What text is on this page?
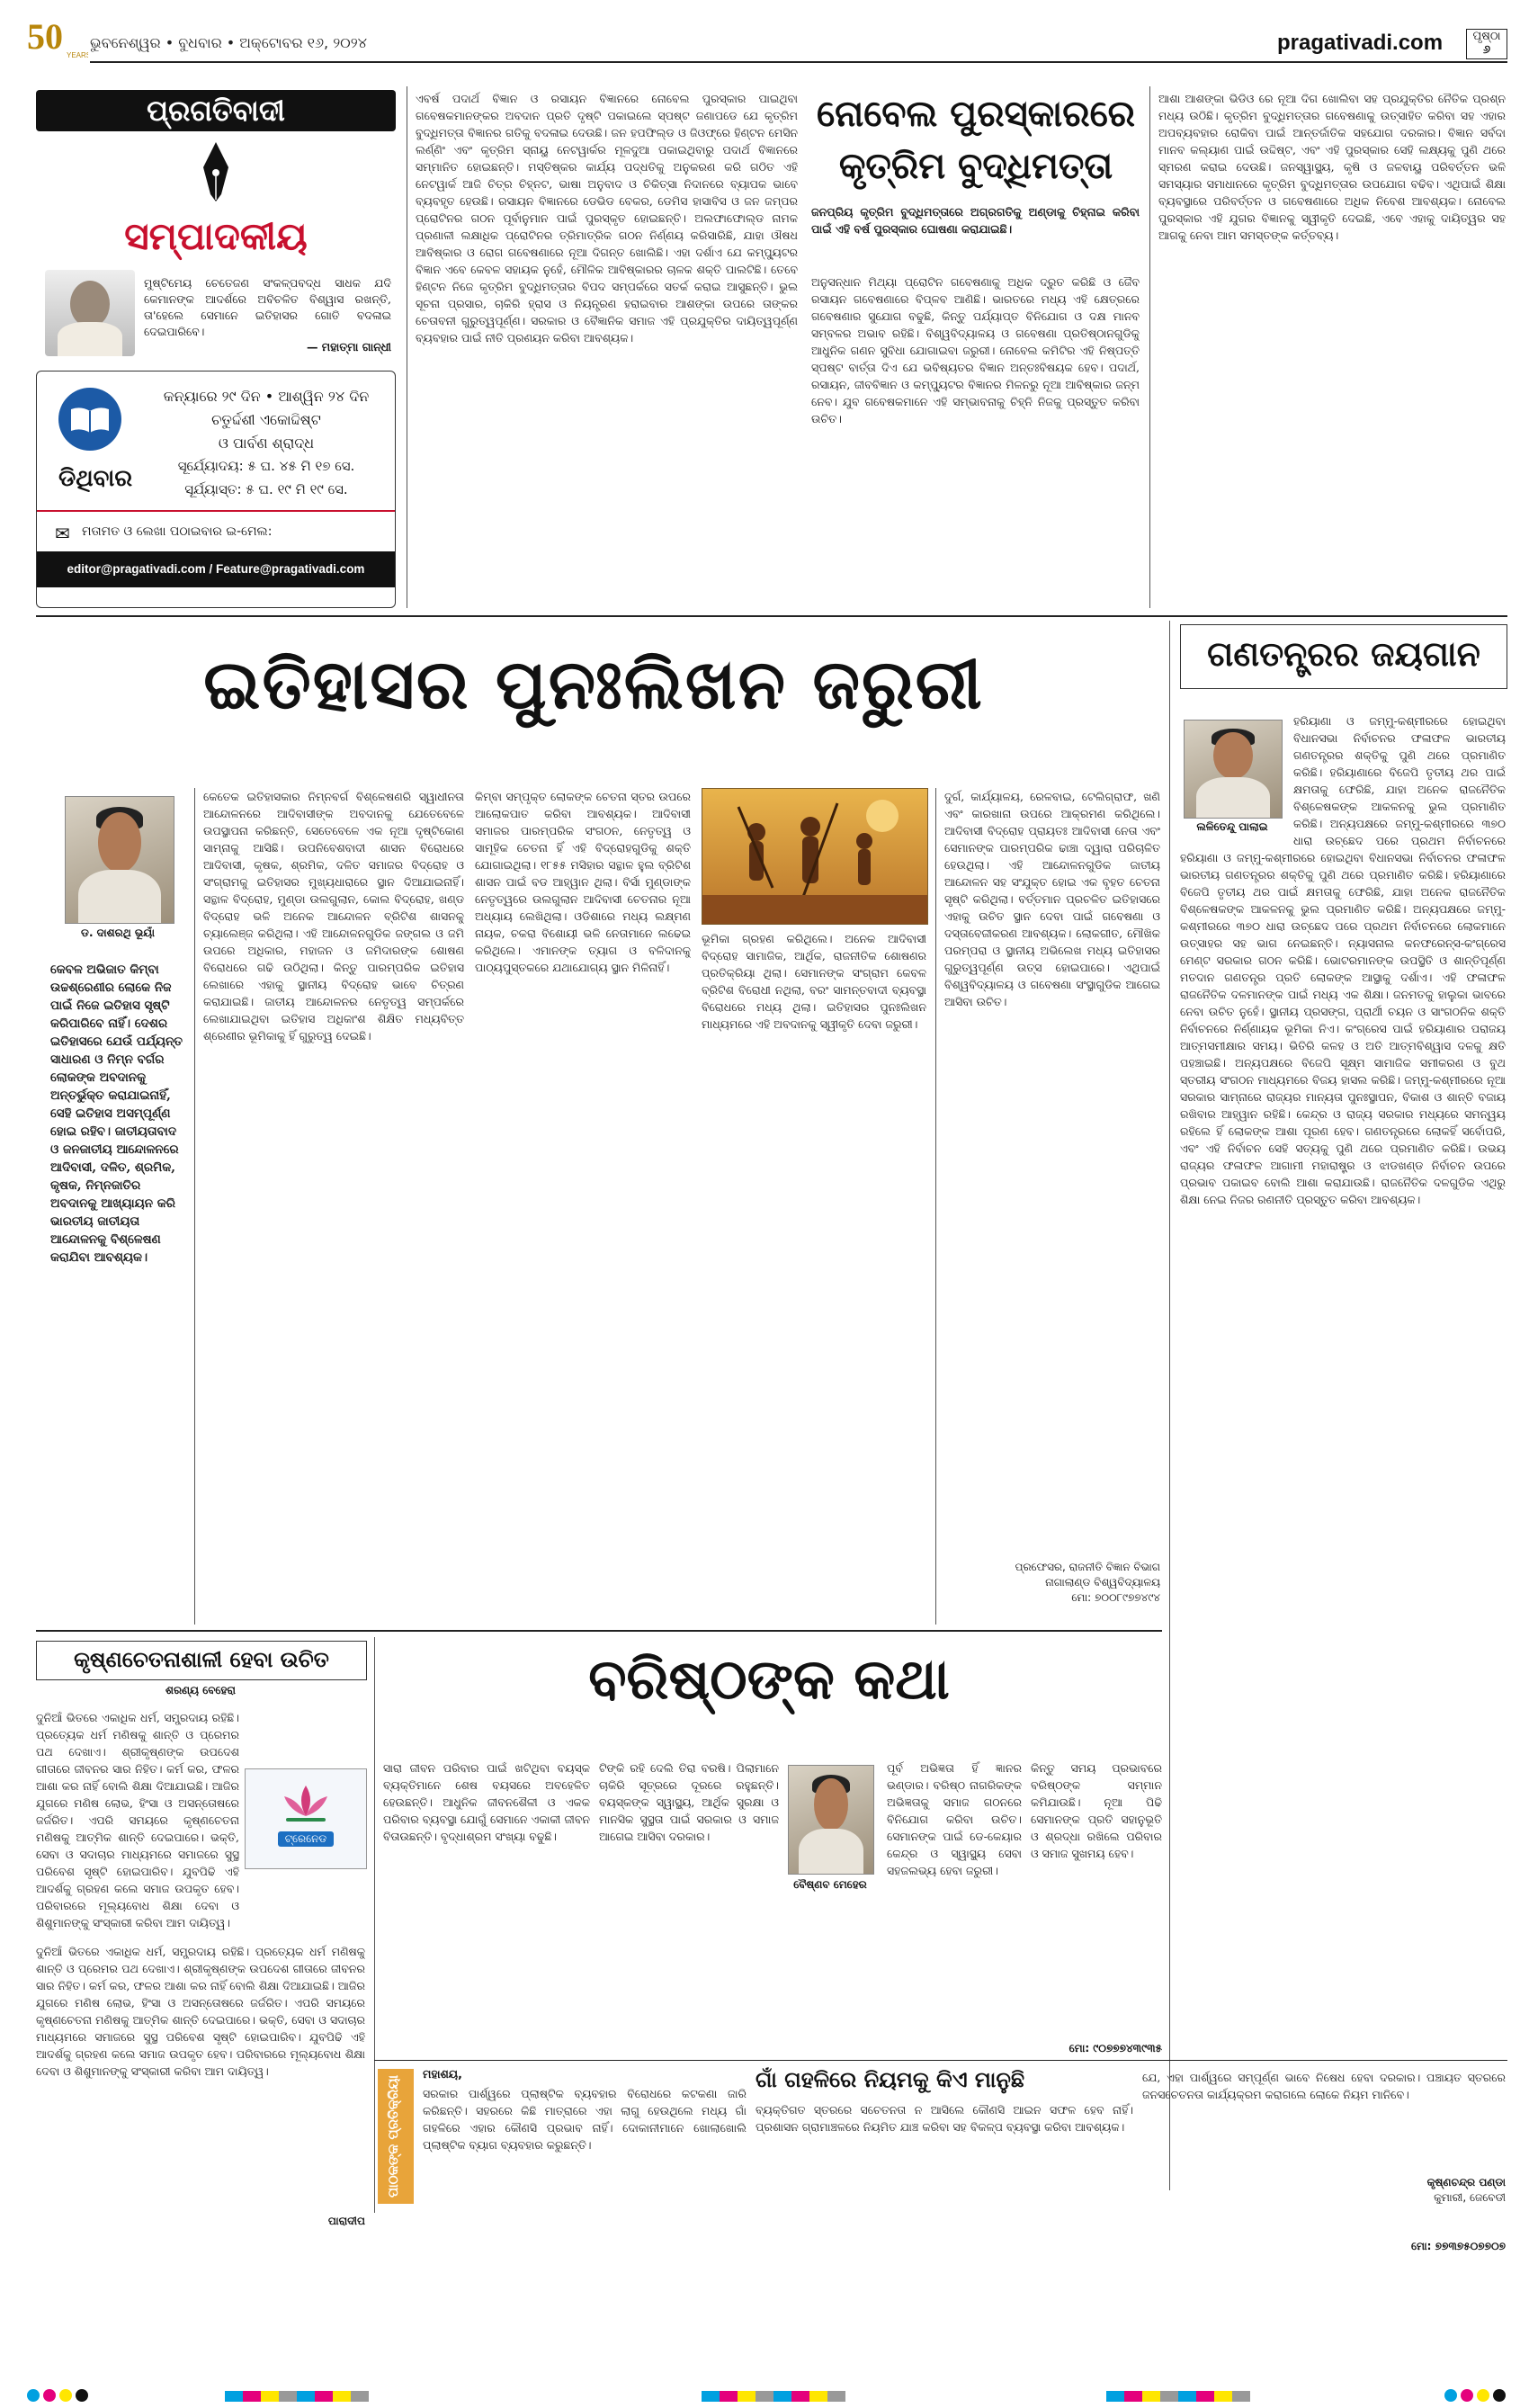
50 YEAR
ଭୁବନେଶ୍ୱର • ବୁଧବାର • ଅକ୍ଟୋବର ୧୬, ୨୦୨୪	pragativadi.com	ପୃଷ୍ଠା
୬
ପ୍ରଗତିବାଦୀ
ସମ୍ପାଦକୀୟ
ମୁଷ୍ଟିମେୟ ଚେତେଜଣ ସଂକଳ୍ପବଦ୍ଧ ସାଧକ ଯଦି କେମାନଙ୍କ ଆଦର୍ଶରେ ଅବିଚଳିତ ବିଶ୍ୱାସ ରଖନ୍ତି, ତା'ହେଲେ ସେମାନେ ଇତିହାସର ଗୋତି ବଦଳାଇ ଦେଇପାରିବେ।
— ମହାତ୍ମା ଗାନ୍ଧୀ
ଡିଥିବାର
କନ୍ୟାରେ ୨୯ ଦିନ • ଆଶ୍ୱିନ ୨୪ ଦିନ
ଚତୁର୍ଦ୍ଦଶୀ ଏକୋଦ୍ଦିଷ୍ଟ
ଓ ପାର୍ବଣ ଶ୍ରାଦ୍ଧ
ସୂର୍ଯ୍ୟୋଦୟ: ୫ ଘ. ୪୫ ମି ୧୭ ସେ.
ସୂର୍ଯ୍ୟାସ୍ତ: ୫ ଘ. ୧୯ ମି ୧୯ ସେ.
✉ ମତାମତ ଓ ଲେଖା ପଠାଇବାର ଇ-ମେଲ:
editor@pragativadi.com / Feature@pragativadi.com
ଏବର୍ଷ ପଦାର୍ଥ ବିଜ୍ଞାନ ଓ ରସାୟନ ବିଜ୍ଞାନରେ ନୋବେଲ ପୁରସ୍କାର ପାଇଥିବା ଗବେଷକମାନଙ୍କର ଅବଦାନ ପ୍ରତି ଦୃଷ୍ଟି ପକାଇଲେ ସ୍ପଷ୍ଟ ଜଣାପଡେ ଯେ କୃତ୍ରିମ ବୁଦ୍ଧିମତ୍ତା ବିଜ୍ଞାନର ଗତିକୁ ବଦଳାଇ ଦେଉଛି। ଜନ ହପଫିଲ୍ଡ ଓ ଜିଓଫ୍ରେ ହିଣ୍ଟନ ମେସିନ ଲର୍ଣ୍ଣିଂ ଏବଂ କୃତ୍ରିମ ସ୍ନାୟୁ ନେଟୱାର୍କର ମୂଳଦୁଆ ପକାଇଥିବାରୁ ପଦାର୍ଥ ବିଜ୍ଞାନରେ ସମ୍ମାନିତ ହୋଇଛନ୍ତି। ମସ୍ତିଷ୍କର କାର୍ଯ୍ୟ ପଦ୍ଧତିକୁ ଅନୁକରଣ କରି ଗଠିତ ଏହି ନେଟୱାର୍କ ଆଜି ଚିତ୍ର ଚିହ୍ନଟ, ଭାଷା ଅନୁବାଦ ଓ ଚିକିତ୍ସା ନିଦାନରେ ବ୍ୟାପକ ଭାବେ ବ୍ୟବହୃତ ହେଉଛି। ରସାୟନ ବିଜ୍ଞାନରେ ଡେଭିଡ ବେକର, ଡେମିସ ହାସାବିସ ଓ ଜନ ଜମ୍ପର ପ୍ରୋଟିନର ଗଠନ ପୂର୍ବାନୁମାନ ପାଇଁ ପୁରସ୍କୃତ ହୋଇଛନ୍ତି। ଅଲଫାଫୋଲ୍ଡ ନାମକ ପ୍ରଣାଳୀ ଲକ୍ଷାଧିକ ପ୍ରୋଟିନର ତ୍ରିମାତ୍ରିକ ଗଠନ ନିର୍ଣ୍ଣୟ କରିସାରିଛି, ଯାହା ଔଷଧ ଆବିଷ୍କାର ଓ ରୋଗ ଗବେଷଣାରେ ନୂଆ ଦିଗନ୍ତ ଖୋଲିଛି। ଏହା ଦର୍ଶାଏ ଯେ କମ୍ପ୍ୟୁଟର ବିଜ୍ଞାନ ଏବେ କେବଳ ସହାୟକ ନୁହେଁ, ମୌଳିକ ଆବିଷ୍କାରର ଚାଳକ ଶକ୍ତି ପାଲଟିଛି। ତେବେ ହିଣ୍ଟନ ନିଜେ କୃତ୍ରିମ ବୁଦ୍ଧିମତ୍ତାର ବିପଦ ସମ୍ପର୍କରେ ସତର୍କ କରାଇ ଆସୁଛନ୍ତି। ଭୁଲ ସୂଚନା ପ୍ରସାର, ଚାକିରି ହ୍ରାସ ଓ ନିୟନ୍ତ୍ରଣ ହରାଇବାର ଆଶଙ୍କା ଉପରେ ତାଙ୍କର ଚେତାବନୀ ଗୁରୁତ୍ୱପୂର୍ଣ୍ଣ। ସରକାର ଓ ବୈଜ୍ଞାନିକ ସମାଜ ଏହି ପ୍ରଯୁକ୍ତିର ଦାୟିତ୍ୱପୂର୍ଣ୍ଣ ବ୍ୟବହାର ପାଇଁ ନୀତି ପ୍ରଣୟନ କରିବା ଆବଶ୍ୟକ।
ନୋବେଲ ପୁରସ୍କାରରେ
କୃତ୍ରିମ ବୁଦ୍ଧିମତ୍ତା
ଜନପ୍ରିୟ କୃତ୍ରିମ ବୁଦ୍ଧିମତ୍ତାରେ ଅଗ୍ରଗତିକୁ ଅଣ୍ଡାକୁ ଚିହ୍ନାଇ କରିବା ପାଇଁ ଏହି ବର୍ଷ ପୁରସ୍କାର ଘୋଷଣା କରାଯାଇଛି।
ଅନୁସନ୍ଧାନ ମିଥ୍ୟା ପ୍ରୋଟିନ ଗବେଷଣାକୁ ଅଧିକ ଦ୍ରୁତ କରିଛି ଓ ଜୈବ ରସାୟନ ଗବେଷଣାରେ ବିପ୍ଳବ ଆଣିଛି। ଭାରତରେ ମଧ୍ୟ ଏହି କ୍ଷେତ୍ରରେ ଗବେଷଣାର ସୁଯୋଗ ବଢୁଛି, କିନ୍ତୁ ପର୍ଯ୍ୟାପ୍ତ ବିନିଯୋଗ ଓ ଦକ୍ଷ ମାନବ ସମ୍ବଳର ଅଭାବ ରହିଛି। ବିଶ୍ୱବିଦ୍ୟାଳୟ ଓ ଗବେଷଣା ପ୍ରତିଷ୍ଠାନଗୁଡିକୁ ଆଧୁନିକ ଗଣନ ସୁବିଧା ଯୋଗାଇବା ଜରୁରୀ। ନୋବେଲ କମିଟିର ଏହି ନିଷ୍ପତ୍ତି ସ୍ପଷ୍ଟ ବାର୍ତ୍ତା ଦିଏ ଯେ ଭବିଷ୍ୟତର ବିଜ୍ଞାନ ଅନ୍ତଃବିଷୟକ ହେବ। ପଦାର୍ଥ, ରସାୟନ, ଜୀବବିଜ୍ଞାନ ଓ କମ୍ପ୍ୟୁଟର ବିଜ୍ଞାନର ମିଳନରୁ ନୂଆ ଆବିଷ୍କାର ଜନ୍ମ ନେବ। ଯୁବ ଗବେଷକମାନେ ଏହି ସମ୍ଭାବନାକୁ ଚିହ୍ନି ନିଜକୁ ପ୍ରସ୍ତୁତ କରିବା ଉଚିତ।
ଆଶା ଆଶଙ୍କା ଭିଡିଓ ରେ ନୂଆ ଦିଗ ଖୋଲିବା ସହ ପ୍ରଯୁକ୍ତିର ନୈତିକ ପ୍ରଶ୍ନ ମଧ୍ୟ ଉଠିଛି। କୃତ୍ରିମ ବୁଦ୍ଧିମତ୍ତାର ଗବେଷଣାକୁ ଉତ୍ସାହିତ କରିବା ସହ ଏହାର ଅପବ୍ୟବହାର ରୋକିବା ପାଇଁ ଆନ୍ତର୍ଜାତିକ ସହଯୋଗ ଦରକାର। ବିଜ୍ଞାନ ସର୍ବଦା ମାନବ କଲ୍ୟାଣ ପାଇଁ ଉଦ୍ଦିଷ୍ଟ, ଏବଂ ଏହି ପୁରସ୍କାର ସେହି ଲକ୍ଷ୍ୟକୁ ପୁଣି ଥରେ ସ୍ମରଣ କରାଇ ଦେଉଛି। ଜନସ୍ୱାସ୍ଥ୍ୟ, କୃଷି ଓ ଜଳବାୟୁ ପରିବର୍ତ୍ତନ ଭଳି ସମସ୍ୟାର ସମାଧାନରେ କୃତ୍ରିମ ବୁଦ୍ଧିମତ୍ତାର ଉପଯୋଗ ବଢିବ। ଏଥିପାଇଁ ଶିକ୍ଷା ବ୍ୟବସ୍ଥାରେ ପରିବର୍ତ୍ତନ ଓ ଗବେଷଣାରେ ଅଧିକ ନିବେଶ ଆବଶ୍ୟକ। ନୋବେଲ ପୁରସ୍କାର ଏହି ଯୁଗର ବିଜ୍ଞାନକୁ ସ୍ୱୀକୃତି ଦେଇଛି, ଏବେ ଏହାକୁ ଦାୟିତ୍ୱର ସହ ଆଗକୁ ନେବା ଆମ ସମସ୍ତଙ୍କ କର୍ତ୍ତବ୍ୟ।
ଇତିହାସର ପୁନଃଲିଖନ ଜରୁରୀ
ଡ. ଦାଶରଥି ଭୂୟାଁ
କେବଳ ଅଭିଜାତ କିମ୍ବା ଉଚ୍ଚଶ୍ରେଣୀର ଲୋକେ ନିଜ ପାଇଁ ନିଜେ ଇତିହାସ ସୃଷ୍ଟି କରିପାରିବେ ନାହିଁ। ଦେଶର ଇତିହାସରେ ଯେଉଁ ପର୍ଯ୍ୟନ୍ତ ସାଧାରଣ ଓ ନିମ୍ନ ବର୍ଗର ଲୋକଙ୍କ ଅବଦାନକୁ ଅନ୍ତର୍ଭୁକ୍ତ କରାଯାଇନାହିଁ, ସେହି ଇତିହାସ ଅସମ୍ପୂର୍ଣ୍ଣ ହୋଇ ରହିବ। ଜାତୀୟତାବାଦ ଓ ଜନଜାତୀୟ ଆନ୍ଦୋଳନରେ ଆଦିବାସୀ, ଦଳିତ, ଶ୍ରମିକ, କୃଷକ, ନିମ୍ନଜାତିର ଅବଦାନକୁ ଆଖ୍ୟାୟନ କରି ଭାରତୀୟ ଜାତୀୟତା ଆନ୍ଦୋଳନକୁ ବିଶ୍ଳେଷଣ କରାଯିବା ଆବଶ୍ୟକ।
କେତେକ ଇତିହାସକାର ନିମ୍ନବର୍ଗ ବିଶ୍ଳେଷଣରି ସ୍ୱାଧୀନତା ଆନ୍ଦୋଳନରେ ଆଦିବାସୀଙ୍କ ଅବଦାନକୁ ଯେତେବେଳେ ଉପସ୍ଥାପନା କରିଛନ୍ତି, ସେତେବେଳେ ଏକ ନୂଆ ଦୃଷ୍ଟିକୋଣ ସାମ୍ନାକୁ ଆସିଛି। ଉପନିବେଶବାଦୀ ଶାସନ ବିରୋଧରେ ଆଦିବାସୀ, କୃଷକ, ଶ୍ରମିକ, ଦଳିତ ସମାଜର ବିଦ୍ରୋହ ଓ ସଂଗ୍ରାମକୁ ଇତିହାସର ମୁଖ୍ୟଧାରାରେ ସ୍ଥାନ ଦିଆଯାଇନାହିଁ। ସନ୍ଥାଳ ବିଦ୍ରୋହ, ମୁଣ୍ଡା ଉଲଗୁଲାନ, କୋଲ ବିଦ୍ରୋହ, ଖଣ୍ଡ ବିଦ୍ରୋହ ଭଳି ଅନେକ ଆନ୍ଦୋଳନ ବ୍ରିଟିଶ ଶାସନକୁ ଚ୍ୟାଲେଞ୍ଜ କରିଥିଲା। ଏହି ଆନ୍ଦୋଳନଗୁଡିକ ଜଙ୍ଗଲ ଓ ଜମି ଉପରେ ଅଧିକାର, ମହାଜନ ଓ ଜମିଦାରଙ୍କ ଶୋଷଣ ବିରୋଧରେ ଗଢି ଉଠିଥିଲା। କିନ୍ତୁ ପାରମ୍ପରିକ ଇତିହାସ ଲେଖାରେ ଏହାକୁ ସ୍ଥାନୀୟ ବିଦ୍ରୋହ ଭାବେ ଚିତ୍ରଣ କରାଯାଇଛି। ଜାତୀୟ ଆନ୍ଦୋଳନର ନେତୃତ୍ୱ ସମ୍ପର୍କରେ ଲେଖାଯାଇଥିବା ଇତିହାସ ଅଧିକାଂଶ ଶିକ୍ଷିତ ମଧ୍ୟବିତ୍ତ ଶ୍ରେଣୀର ଭୂମିକାକୁ ହିଁ ଗୁରୁତ୍ୱ ଦେଇଛି।
କିମ୍ବା ସମ୍ପୃକ୍ତ ଲୋକଙ୍କ ଚେତନା ସ୍ତର ଉପରେ ଆଲୋକପାତ କରିବା ଆବଶ୍ୟକ। ଆଦିବାସୀ ସମାଜର ପାରମ୍ପରିକ ସଂଗଠନ, ନେତୃତ୍ୱ ଓ ସାମୂହିକ ଚେତନା ହିଁ ଏହି ବିଦ୍ରୋହଗୁଡିକୁ ଶକ୍ତି ଯୋଗାଇଥିଲା। ୧୮୫୫ ମସିହାର ସନ୍ଥାଳ ହୁଲ ବ୍ରିଟିଶ ଶାସନ ପାଇଁ ବଡ ଆହ୍ୱାନ ଥିଲା। ବିର୍ସା ମୁଣ୍ଡାଙ୍କ ନେତୃତ୍ୱରେ ଉଲଗୁଲାନ ଆଦିବାସୀ ଚେତନାର ନୂଆ ଅଧ୍ୟାୟ ଲେଖିଥିଲା। ଓଡିଶାରେ ମଧ୍ୟ ଲକ୍ଷ୍ମଣ ନାୟକ, ଚକରା ବିଶୋୟୀ ଭଳି ନେତାମାନେ ଲଢେଇ କରିଥିଲେ। ଏମାନଙ୍କ ତ୍ୟାଗ ଓ ବଳିଦାନକୁ ପାଠ୍ୟପୁସ୍ତକରେ ଯଥାଯୋଗ୍ୟ ସ୍ଥାନ ମିଳିନାହିଁ।
ଭୂମିକା ଗ୍ରହଣ କରିଥିଲେ। ଅନେକ ଆଦିବାସୀ ବିଦ୍ରୋହ ସାମାଜିକ, ଆର୍ଥିକ, ରାଜନୀତିକ ଶୋଷଣର ପ୍ରତିକ୍ରିୟା ଥିଲା। ସେମାନଙ୍କ ସଂଗ୍ରାମ କେବଳ ବ୍ରିଟିଶ ବିରୋଧୀ ନଥିଲା, ବରଂ ସାମନ୍ତବାଦୀ ବ୍ୟବସ୍ଥା ବିରୋଧରେ ମଧ୍ୟ ଥିଲା। ଇତିହାସର ପୁନଃଲିଖନ ମାଧ୍ୟମରେ ଏହି ଅବଦାନକୁ ସ୍ୱୀକୃତି ଦେବା ଜରୁରୀ।
ଦୁର୍ଗ, କାର୍ଯ୍ୟାଳୟ, ରେଳବାଇ, ଟେଲିଗ୍ରାଫ, ଖଣି ଏବଂ କାରଖାନା ଉପରେ ଆକ୍ରମଣ କରିଥିଲେ। ଆଦିବାସୀ ବିଦ୍ରୋହ ପ୍ରାୟତଃ ଆଦିବାସୀ ନେତା ଏବଂ ସେମାନଙ୍କ ପାରମ୍ପରିକ ଢାଞ୍ଚା ଦ୍ୱାରା ପରିଚାଳିତ ହେଉଥିଲା। ଏହି ଆନ୍ଦୋଳନଗୁଡିକ ଜାତୀୟ ଆନ୍ଦୋଳନ ସହ ସଂଯୁକ୍ତ ହୋଇ ଏକ ବୃହତ ଚେତନା ସୃଷ୍ଟି କରିଥିଲା। ବର୍ତ୍ତମାନ ପ୍ରଚଳିତ ଇତିହାସରେ ଏହାକୁ ଉଚିତ ସ୍ଥାନ ଦେବା ପାଇଁ ଗବେଷଣା ଓ ଦସ୍ତାବେଜୀକରଣ ଆବଶ୍ୟକ। ଲୋକଗୀତ, ମୌଖିକ ପରମ୍ପରା ଓ ସ୍ଥାନୀୟ ଅଭିଲେଖ ମଧ୍ୟ ଇତିହାସର ଗୁରୁତ୍ୱପୂର୍ଣ୍ଣ ଉତ୍ସ ହୋଇପାରେ। ଏଥିପାଇଁ ବିଶ୍ୱବିଦ୍ୟାଳୟ ଓ ଗବେଷଣା ସଂସ୍ଥାଗୁଡିକ ଆଗେଇ ଆସିବା ଉଚିତ।
ପ୍ରଫେସର, ରାଜନୀତି ବିଜ୍ଞାନ ବିଭାଗ
ନାଗାଲାଣ୍ଡ ବିଶ୍ୱବିଦ୍ୟାଳୟ
ମୋ: ୭୦୦୮୯୭୭୪୯୪
ଗଣତନ୍ତ୍ରର ଜୟଗାନ
ଲଳିତେନ୍ଦୁ ପାଲାଇ
ହରିୟାଣା ଓ ଜମ୍ମୁ-କଶ୍ମୀରରେ ହୋଇଥିବା ବିଧାନସଭା ନିର୍ବାଚନର ଫଳାଫଳ ଭାରତୀୟ ଗଣତନ୍ତ୍ରର ଶକ୍ତିକୁ ପୁଣି ଥରେ ପ୍ରମାଣିତ କରିଛି। ହରିୟାଣାରେ ବିଜେପି ତୃତୀୟ ଥର ପାଇଁ କ୍ଷମତାକୁ ଫେରିଛି, ଯାହା ଅନେକ ରାଜନୈତିକ ବିଶ୍ଳେଷକଙ୍କ ଆକଳନକୁ ଭୁଲ ପ୍ରମାଣିତ କରିଛି। ଅନ୍ୟପକ୍ଷରେ ଜମ୍ମୁ-କଶ୍ମୀରରେ ୩୭୦ ଧାରା ଉଚ୍ଛେଦ ପରେ ପ୍ରଥମ ନିର୍ବାଚନରେ
ହରିୟାଣା ଓ ଜମ୍ମୁ-କଶ୍ମୀରରେ ହୋଇଥିବା ବିଧାନସଭା ନିର୍ବାଚନର ଫଳାଫଳ ଭାରତୀୟ ଗଣତନ୍ତ୍ରର ଶକ୍ତିକୁ ପୁଣି ଥରେ ପ୍ରମାଣିତ କରିଛି। ହରିୟାଣାରେ ବିଜେପି ତୃତୀୟ ଥର ପାଇଁ କ୍ଷମତାକୁ ଫେରିଛି, ଯାହା ଅନେକ ରାଜନୈତିକ ବିଶ୍ଳେଷକଙ୍କ ଆକଳନକୁ ଭୁଲ ପ୍ରମାଣିତ କରିଛି। ଅନ୍ୟପକ୍ଷରେ ଜମ୍ମୁ-କଶ୍ମୀରରେ ୩୭୦ ଧାରା ଉଚ୍ଛେଦ ପରେ ପ୍ରଥମ ନିର୍ବାଚନରେ ଲୋକମାନେ ଉତ୍ସାହର ସହ ଭାଗ ନେଇଛନ୍ତି। ନ୍ୟାସନାଲ କନଫରେନ୍ସ-କଂଗ୍ରେସ ମେଣ୍ଟ ସରକାର ଗଠନ କରିଛି। ଭୋଟରମାନଙ୍କ ଉପସ୍ଥିତି ଓ ଶାନ୍ତିପୂର୍ଣ୍ଣ ମତଦାନ ଗଣତନ୍ତ୍ର ପ୍ରତି ଲୋକଙ୍କ ଆସ୍ଥାକୁ ଦର୍ଶାଏ। ଏହି ଫଳାଫଳ ରାଜନୈତିକ ଦଳମାନଙ୍କ ପାଇଁ ମଧ୍ୟ ଏକ ଶିକ୍ଷା। ଜନମତକୁ ହାଲୁକା ଭାବରେ ନେବା ଉଚିତ ନୁହେଁ। ସ୍ଥାନୀୟ ପ୍ରସଙ୍ଗ, ପ୍ରାର୍ଥୀ ଚୟନ ଓ ସାଂଗଠନିକ ଶକ୍ତି ନିର୍ବାଚନରେ ନିର୍ଣ୍ଣାୟକ ଭୂମିକା ନିଏ। କଂଗ୍ରେସ ପାଇଁ ହରିୟାଣାର ପରାଜୟ ଆତ୍ମସମୀକ୍ଷାର ସମୟ। ଭିତିରି କଳହ ଓ ଅତି ଆତ୍ମବିଶ୍ୱାସ ଦଳକୁ କ୍ଷତି ପହଞ୍ଚାଇଛି। ଅନ୍ୟପକ୍ଷରେ ବିଜେପି ସୂକ୍ଷ୍ମ ସାମାଜିକ ସମୀକରଣ ଓ ବୁଥ ସ୍ତରୀୟ ସଂଗଠନ ମାଧ୍ୟମରେ ବିଜୟ ହାସଲ କରିଛି। ଜମ୍ମୁ-କଶ୍ମୀରରେ ନୂଆ ସରକାର ସାମ୍ନାରେ ରାଜ୍ୟର ମାନ୍ୟତା ପୁନଃସ୍ଥାପନ, ବିକାଶ ଓ ଶାନ୍ତି ବଜାୟ ରଖିବାର ଆହ୍ୱାନ ରହିଛି। କେନ୍ଦ୍ର ଓ ରାଜ୍ୟ ସରକାର ମଧ୍ୟରେ ସମନ୍ୱୟ ରହିଲେ ହିଁ ଲୋକଙ୍କ ଆଶା ପୂରଣ ହେବ। ଗଣତନ୍ତ୍ରରେ ଲୋକହିଁ ସର୍ବୋପରି, ଏବଂ ଏହି ନିର୍ବାଚନ ସେହି ସତ୍ୟକୁ ପୁଣି ଥରେ ପ୍ରମାଣିତ କରିଛି। ଉଭୟ ରାଜ୍ୟର ଫଳାଫଳ ଆଗାମୀ ମହାରାଷ୍ଟ୍ର ଓ ଝାଡଖଣ୍ଡ ନିର୍ବାଚନ ଉପରେ ପ୍ରଭାବ ପକାଇବ ବୋଲି ଆଶା କରାଯାଉଛି। ରାଜନୈତିକ ଦଳଗୁଡିକ ଏଥିରୁ ଶିକ୍ଷା ନେଇ ନିଜର ରଣନୀତି ପ୍ରସ୍ତୁତ କରିବା ଆବଶ୍ୟକ।
ମୋ: ୭୭୩୭୫୦୭୭୦୭
କୃଷ୍ଣଚେତନାଶାଳୀ ହେବା ଉଚିତ
ଶରଣ୍ୟ ବେହେରା
ଦୁନିଆଁ ଭିତରେ ଏକାଧିକ ଧର୍ମ, ସମ୍ପ୍ରଦାୟ ରହିଛି। ପ୍ରତ୍ୟେକ ଧର୍ମ ମଣିଷକୁ ଶାନ୍ତି ଓ ପ୍ରେମର ପଥ ଦେଖାଏ। ଶ୍ରୀକୃଷ୍ଣଙ୍କ ଉପଦେଶ ଗୀତାରେ ଜୀବନର ସାର ନିହିତ। କର୍ମ କର, ଫଳର ଆଶା କର ନାହିଁ ବୋଲି ଶିକ୍ଷା ଦିଆଯାଇଛି। ଆଜିର ଯୁଗରେ ମଣିଷ ଲୋଭ, ହିଂସା ଓ ଅସନ୍ତୋଷରେ ଜର୍ଜରିତ। ଏପରି ସମୟରେ କୃଷ୍ଣଚେତନା ମଣିଷକୁ ଆତ୍ମିକ ଶାନ୍ତି ଦେଇପାରେ। ଭକ୍ତି, ସେବା ଓ ସଦାଚାର ମାଧ୍ୟମରେ ସମାଜରେ ସୁସ୍ଥ ପରିବେଶ ସୃଷ୍ଟି ହୋଇପାରିବ। ଯୁବପିଢି ଏହି ଆଦର୍ଶକୁ ଗ୍ରହଣ କଲେ ସମାଜ ଉପକୃତ ହେବ। ପରିବାରରେ ମୂଲ୍ୟବୋଧ ଶିକ୍ଷା ଦେବା ଓ ଶିଶୁମାନଙ୍କୁ ସଂସ୍କାରୀ କରିବା ଆମ ଦାୟିତ୍ୱ।
ଟ୍ରେନେଡ
ଦୁନିଆଁ ଭିତରେ ଏକାଧିକ ଧର୍ମ, ସମ୍ପ୍ରଦାୟ ରହିଛି। ପ୍ରତ୍ୟେକ ଧର୍ମ ମଣିଷକୁ ଶାନ୍ତି ଓ ପ୍ରେମର ପଥ ଦେଖାଏ। ଶ୍ରୀକୃଷ୍ଣଙ୍କ ଉପଦେଶ ଗୀତାରେ ଜୀବନର ସାର ନିହିତ। କର୍ମ କର, ଫଳର ଆଶା କର ନାହିଁ ବୋଲି ଶିକ୍ଷା ଦିଆଯାଇଛି। ଆଜିର ଯୁଗରେ ମଣିଷ ଲୋଭ, ହିଂସା ଓ ଅସନ୍ତୋଷରେ ଜର୍ଜରିତ। ଏପରି ସମୟରେ କୃଷ୍ଣଚେତନା ମଣିଷକୁ ଆତ୍ମିକ ଶାନ୍ତି ଦେଇପାରେ। ଭକ୍ତି, ସେବା ଓ ସଦାଚାର ମାଧ୍ୟମରେ ସମାଜରେ ସୁସ୍ଥ ପରିବେଶ ସୃଷ୍ଟି ହୋଇପାରିବ। ଯୁବପିଢି ଏହି ଆଦର୍ଶକୁ ଗ୍ରହଣ କଲେ ସମାଜ ଉପକୃତ ହେବ। ପରିବାରରେ ମୂଲ୍ୟବୋଧ ଶିକ୍ଷା ଦେବା ଓ ଶିଶୁମାନଙ୍କୁ ସଂସ୍କାରୀ କରିବା ଆମ ଦାୟିତ୍ୱ।
ପାରାଦୀପ
ବରିଷ୍ଠଙ୍କ କଥା
ସାରା ଜୀବନ ପରିବାର ପାଇଁ ଖଟିଥିବା ବୟସ୍କ ବ୍ୟକ୍ତିମାନେ ଶେଷ ବୟସରେ ଅବହେଳିତ ହେଉଛନ୍ତି। ଆଧୁନିକ ଜୀବନଶୈଳୀ ଓ ଏକକ ପରିବାର ବ୍ୟବସ୍ଥା ଯୋଗୁଁ ସେମାନେ ଏକାକୀ ଜୀବନ ବିତାଉଛନ୍ତି। ବୃଦ୍ଧାଶ୍ରମ ସଂଖ୍ୟା ବଢୁଛି।
ଟିଙ୍କି ରହି ଦେଲି ତିରା ବରଷି। ପିଲାମାନେ ଚାକିରି ସୂତ୍ରରେ ଦୂରରେ ରହୁଛନ୍ତି। ବୟସ୍କଙ୍କ ସ୍ୱାସ୍ଥ୍ୟ, ଆର୍ଥିକ ସୁରକ୍ଷା ଓ ମାନସିକ ସୁସ୍ଥତା ପାଇଁ ସରକାର ଓ ସମାଜ ଆଗେଇ ଆସିବା ଦରକାର।
ବୈଷ୍ଣବ ମେହେର
ପୂର୍ବ ଅଭିଜ୍ଞତା ହିଁ ଜ୍ଞାନର ଭଣ୍ଡାର। ବରିଷ୍ଠ ନାଗରିକଙ୍କ ଅଭିଜ୍ଞତାକୁ ସମାଜ ଗଠନରେ ବିନିଯୋଗ କରିବା ଉଚିତ। ସେମାନଙ୍କ ପାଇଁ ଡେ-କେୟାର କେନ୍ଦ୍ର ଓ ସ୍ୱାସ୍ଥ୍ୟ ସେବା ସହଜଲଭ୍ୟ ହେବା ଜରୁରୀ।
କିନ୍ତୁ ସମୟ ପ୍ରଭାବରେ ବରିଷ୍ଠଙ୍କ ସମ୍ମାନ କମିଯାଉଛି। ନୂଆ ପିଢି ସେମାନଙ୍କ ପ୍ରତି ସହାନୁଭୂତି ଓ ଶ୍ରଦ୍ଧା ରଖିଲେ ପରିବାର ଓ ସମାଜ ସୁଖମୟ ହେବ।
ମୋ: ୯୦୭୭୭୪୩୯୩୫
ପାଠକଙ୍କ ପ୍ରତିକ୍ରିୟା
ମହାଶୟ,
ସରକାର ପାର୍ଶ୍ୱରେ ପ୍ଲାଷ୍ଟିକ ବ୍ୟବହାର ବିରୋଧରେ କଟକଣା ଜାରି କରିଛନ୍ତି। ସହରରେ କିଛି ମାତ୍ରାରେ ଏହା ଲାଗୁ ହେଉଥିଲେ ମଧ୍ୟ ଗାଁ ଗହଳିରେ ଏହାର କୌଣସି ପ୍ରଭାବ ନାହିଁ। ଦୋକାନୀମାନେ ଖୋଲାଖୋଲି ପ୍ଲାଷ୍ଟିକ ବ୍ୟାଗ ବ୍ୟବହାର କରୁଛନ୍ତି।
ଗାଁ ଗହଳିରେ ନିୟମକୁ କିଏ ମାନୁଛି
ବ୍ୟକ୍ତିଗତ ସ୍ତରରେ ସଚେତନତା ନ ଆସିଲେ କୌଣସି ଆଇନ ସଫଳ ହେବ ନାହିଁ। ପ୍ରଶାସନ ଗ୍ରାମାଞ୍ଚଳରେ ନିୟମିତ ଯାଞ୍ଚ କରିବା ସହ ବିକଳ୍ପ ବ୍ୟବସ୍ଥା କରିବା ଆବଶ୍ୟକ।
ଯେ, ଏହା ପାର୍ଶ୍ୱରେ ସମ୍ପୂର୍ଣ୍ଣ ଭାବେ ନିଷେଧ ହେବା ଦରକାର। ପଞ୍ଚାୟତ ସ୍ତରରେ ଜନସଚେତନତା କାର୍ଯ୍ୟକ୍ରମ କରାଗଲେ ଲୋକେ ନିୟମ ମାନିବେ।
କୃଷ୍ଣଚନ୍ଦ୍ର ପଣ୍ଡା
କୁମାରୀ, ଜେବେଡୀ
